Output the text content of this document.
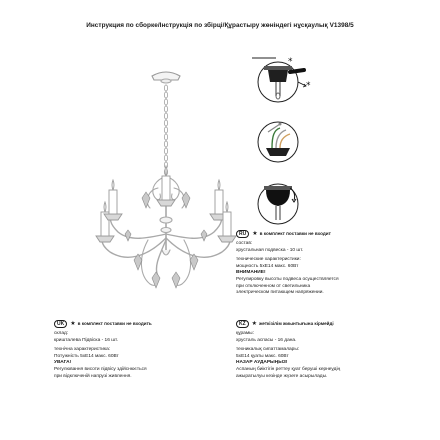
Инструкция по сборке/Інструкція по збірці/Құрастыру жөніндегі нұсқаулық V1398/5
*
*
RU	★ в комплект поставки не входит
состав:
хрустальная подвеска - 10 шт.
технические характеристики:
мощность 5xE14 макс. 60Вт
ВНИМАНИЕ!
Регулировку высоты подвеса осуществляется
при отключенном от светильника
электрическом питающем напряжении.
UK	★ в комплект поставки не входить
склад:
кришталева Підвіска - 16 шт.
технічна характеристика:
Потужність 5xE14 макс. 60Вт
УВАГА!
Регулювання висоти підвісу здійснюється
при відключеній напрузі живлення.
KZ	★ жеткізілім жиынтығына кірмейді
құрамы:
хрусталь аспасы - 16 дана.
техникалық сипаттамалары:
5xE14 қуаты макс. 60Вт
НАЗАР АУДАРЫҢЫЗ!
Аспаның биіктігін реттеу қуат беруші кернеудің
ажыратылуы кезінде жүзеге асырылады.
